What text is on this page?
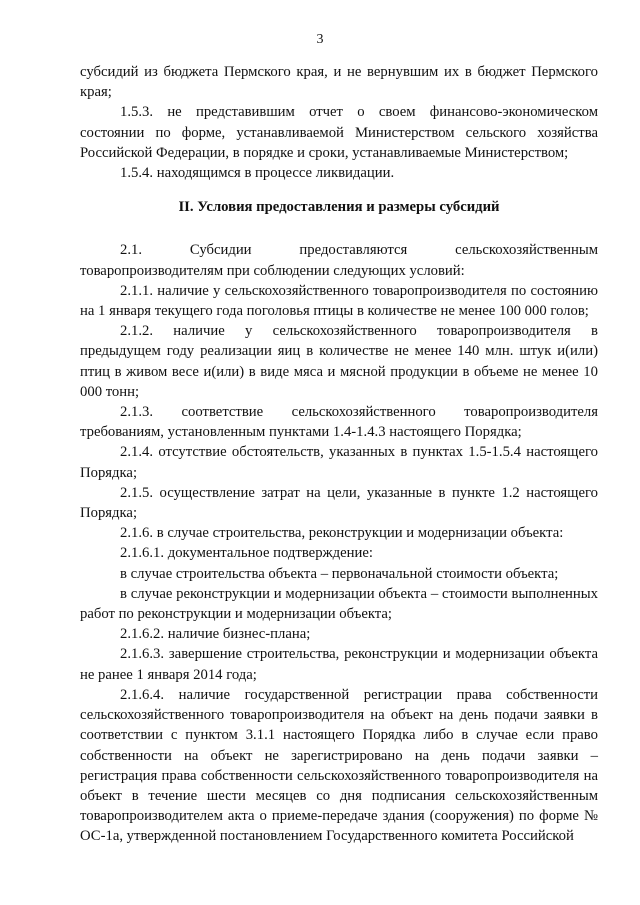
3

субсидий из бюджета Пермского края, и не вернувшим их в бюджет Пермского края;

1.5.3. не представившим отчет о своем финансово-экономическом состоянии по форме, устанавливаемой Министерством сельского хозяйства Российской Федерации, в порядке и сроки, устанавливаемые Министерством;

1.5.4. находящимся в процессе ликвидации.

II. Условия предоставления и размеры субсидий

2.1. Субсидии предоставляются сельскохозяйственным товаропроизводителям при соблюдении следующих условий:

2.1.1. наличие у сельскохозяйственного товаропроизводителя по состоянию на 1 января текущего года поголовья птицы в количестве не менее 100 000 голов;

2.1.2. наличие у сельскохозяйственного товаропроизводителя в предыдущем году реализации яиц в количестве не менее 140 млн. штук и(или) птиц в живом весе и(или) в виде мяса и мясной продукции в объеме не менее 10 000 тонн;

2.1.3. соответствие сельскохозяйственного товаропроизводителя требованиям, установленным пунктами 1.4-1.4.3 настоящего Порядка;

2.1.4. отсутствие обстоятельств, указанных в пунктах 1.5-1.5.4 настоящего Порядка;

2.1.5. осуществление затрат на цели, указанные в пункте 1.2 настоящего Порядка;

2.1.6. в случае строительства, реконструкции и модернизации объекта:

2.1.6.1. документальное подтверждение:

в случае строительства объекта – первоначальной стоимости объекта;

в случае реконструкции и модернизации объекта – стоимости выполненных работ по реконструкции и модернизации объекта;

2.1.6.2. наличие бизнес-плана;

2.1.6.3. завершение строительства, реконструкции и модернизации объекта не ранее 1 января 2014 года;

2.1.6.4. наличие государственной регистрации права собственности сельскохозяйственного товаропроизводителя на объект на день подачи заявки в соответствии с пунктом 3.1.1 настоящего Порядка либо в случае если право собственности на объект не зарегистрировано на день подачи заявки – регистрация права собственности сельскохозяйственного товаропроизводителя на объект в течение шести месяцев со дня подписания сельскохозяйственным товаропроизводителем акта о приеме-передаче здания (сооружения) по форме № ОС-1а, утвержденной постановлением Государственного комитета Российской
